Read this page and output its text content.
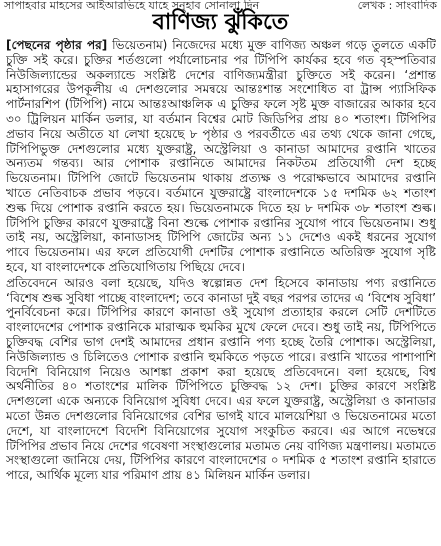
সাপাহবার মাহসের আইআরভিহে যাহে সনুহাব সোনালা দিন	লেখক : সাংবাদিক
বাণিজ্য ঝুঁকিতে

[পেছনের পৃষ্ঠার পর] ভিয়েতনাম) নিজেদের মধ্যে মুক্ত বাণিজ্য অঞ্চল গড়ে তুলতে একটি চুক্তি সই করে। চুক্তির শর্তগুলো পর্যালোচনার পর টিপিপি কার্যকর হবে গত বৃহস্পতিবার নিউজিল্যান্ডের অকল্যান্ডে সংশ্লিষ্ট দেশের বাণিজ্যমন্ত্রীরা চুক্তিতে সই করেন। ‘প্রশান্ত মহাসাগরের উপকূলীয় এ দেশগুলোর সমন্বয়ে আন্তঃশান্ত সংশোধিত বা ট্রান্স প্যাসিফিক পার্টনারশিপ (টিপিপি) নামে আন্তঃআঞ্চলিক এ চুক্তির ফলে সৃষ্ট মুক্ত বাজারের আকার হবে ৩০ ট্রিলিয়ন মার্কিন ডলার, যা বর্তমান বিশ্বের মোট জিডিপির প্রায় ৪০ শতাংশ। টিপিপির প্রভাব নিয়ে অতীতে যা লেখা হয়েছে ৮ পৃষ্ঠার ও পরবর্তীতে এর তথ্য থেকে জানা গেছে, টিপিপিভুক্ত দেশগুলোর মধ্যে যুক্তরাষ্ট্র, অস্ট্রেলিয়া ও কানাডা আমাদের রপ্তানি খাতের অন্যতম গন্তব্য। আর পোশাক রপ্তানিতে আমাদের নিকটতম প্রতিযোগী দেশ হচ্ছে ভিয়েতনাম। টিপিপি জোটে ভিয়েতনাম থাকায় প্রত্যক্ষ ও পরোক্ষভাবে আমাদের রপ্তানি খাতে নেতিবাচক প্রভাব পড়বে। বর্তমানে যুক্তরাষ্ট্রে বাংলাদেশকে ১৫ দশমিক ৬২ শতাংশ শুল্ক দিয়ে পোশাক রপ্তানি করতে হয়। ভিয়েতনামকে দিতে হয় ৮ দশমিক ৩৮ শতাংশ শুল্ক। টিপিপি চুক্তির কারণে যুক্তরাষ্ট্রে বিনা শুল্কে পোশাক রপ্তানির সুযোগ পাবে ভিয়েতনাম। শুধু তাই নয়, অস্ট্রেলিয়া, কানাডাসহ টিপিপি জোটের অন্য ১১ দেশেও একই ধরনের সুযোগ পাবে ভিয়েতনাম। এর ফলে প্রতিযোগী দেশটির পোশাক রপ্তানিতে অতিরিক্ত সুযোগ সৃষ্টি হবে, যা বাংলাদেশকে প্রতিযোগিতায় পিছিয়ে দেবে।

প্রতিবেদনে আরও বলা হয়েছে, যদিও স্বল্পোন্নত দেশ হিসেবে কানাডায় পণ্য রপ্তানিতে ‘বিশেষ শুল্ক সুবিধা পাচ্ছে বাংলাদেশ; তবে কানাডা দুই বছর পরপর তাদের এ ‘বিশেষ সুবিধা’ পুনর্বিবেচনা করে। টিপিপির কারণে কানাডা ওই সুযোগ প্রত্যাহার করলে সেটি দেশটিতে বাংলাদেশের পোশাক রপ্তানিকে মারাত্মক হুমকির মুখে ফেলে দেবে। শুধু তাই নয়, টিপিপিতে চুক্তিবদ্ধ বেশির ভাগ দেশই আমাদের প্রধান রপ্তানি পণ্য হচ্ছে তৈরি পোশাক। অস্ট্রেলিয়া, নিউজিল্যান্ড ও চিলিতেও পোশাক রপ্তানি হুমকিতে পড়তে পারে। রপ্তানি খাতের পাশাপাশি বিদেশি বিনিয়োগ নিয়েও আশঙ্কা প্রকাশ করা হয়েছে প্রতিবেদনে। বলা হয়েছে, বিশ্ব অর্থনীতির ৪০ শতাংশের মালিক টিপিপিতে চুক্তিবদ্ধ ১২ দেশ। চুক্তির কারণে সংশ্লিষ্ট দেশগুলো একে অন্যকে বিনিয়োগ সুবিধা দেবে। এর ফলে যুক্তরাষ্ট্র, অস্ট্রেলিয়া ও কানাডার মতো উন্নত দেশগুলোর বিনিয়োগের বেশির ভাগই যাবে মালয়েশিয়া ও ভিয়েতনামের মতো দেশে, যা বাংলাদেশে বিদেশি বিনিয়োগের সুযোগ সংকুচিত করবে। এর আগে নভেম্বরে টিপিপির প্রভাব নিয়ে দেশের গবেষণা সংস্থাগুলোর মতামত নেয় বাণিজ্য মন্ত্রণালয়। মতামতে সংস্থাগুলো জানিয়ে দেয়, টিপিপির কারণে বাংলাদেশের ০ দশমিক ৫ শতাংশ রপ্তানি হারাতে পারে, আর্থিক মূল্যে যার পরিমাণ প্রায় ৪১ মিলিয়ন মার্কিন ডলার।
